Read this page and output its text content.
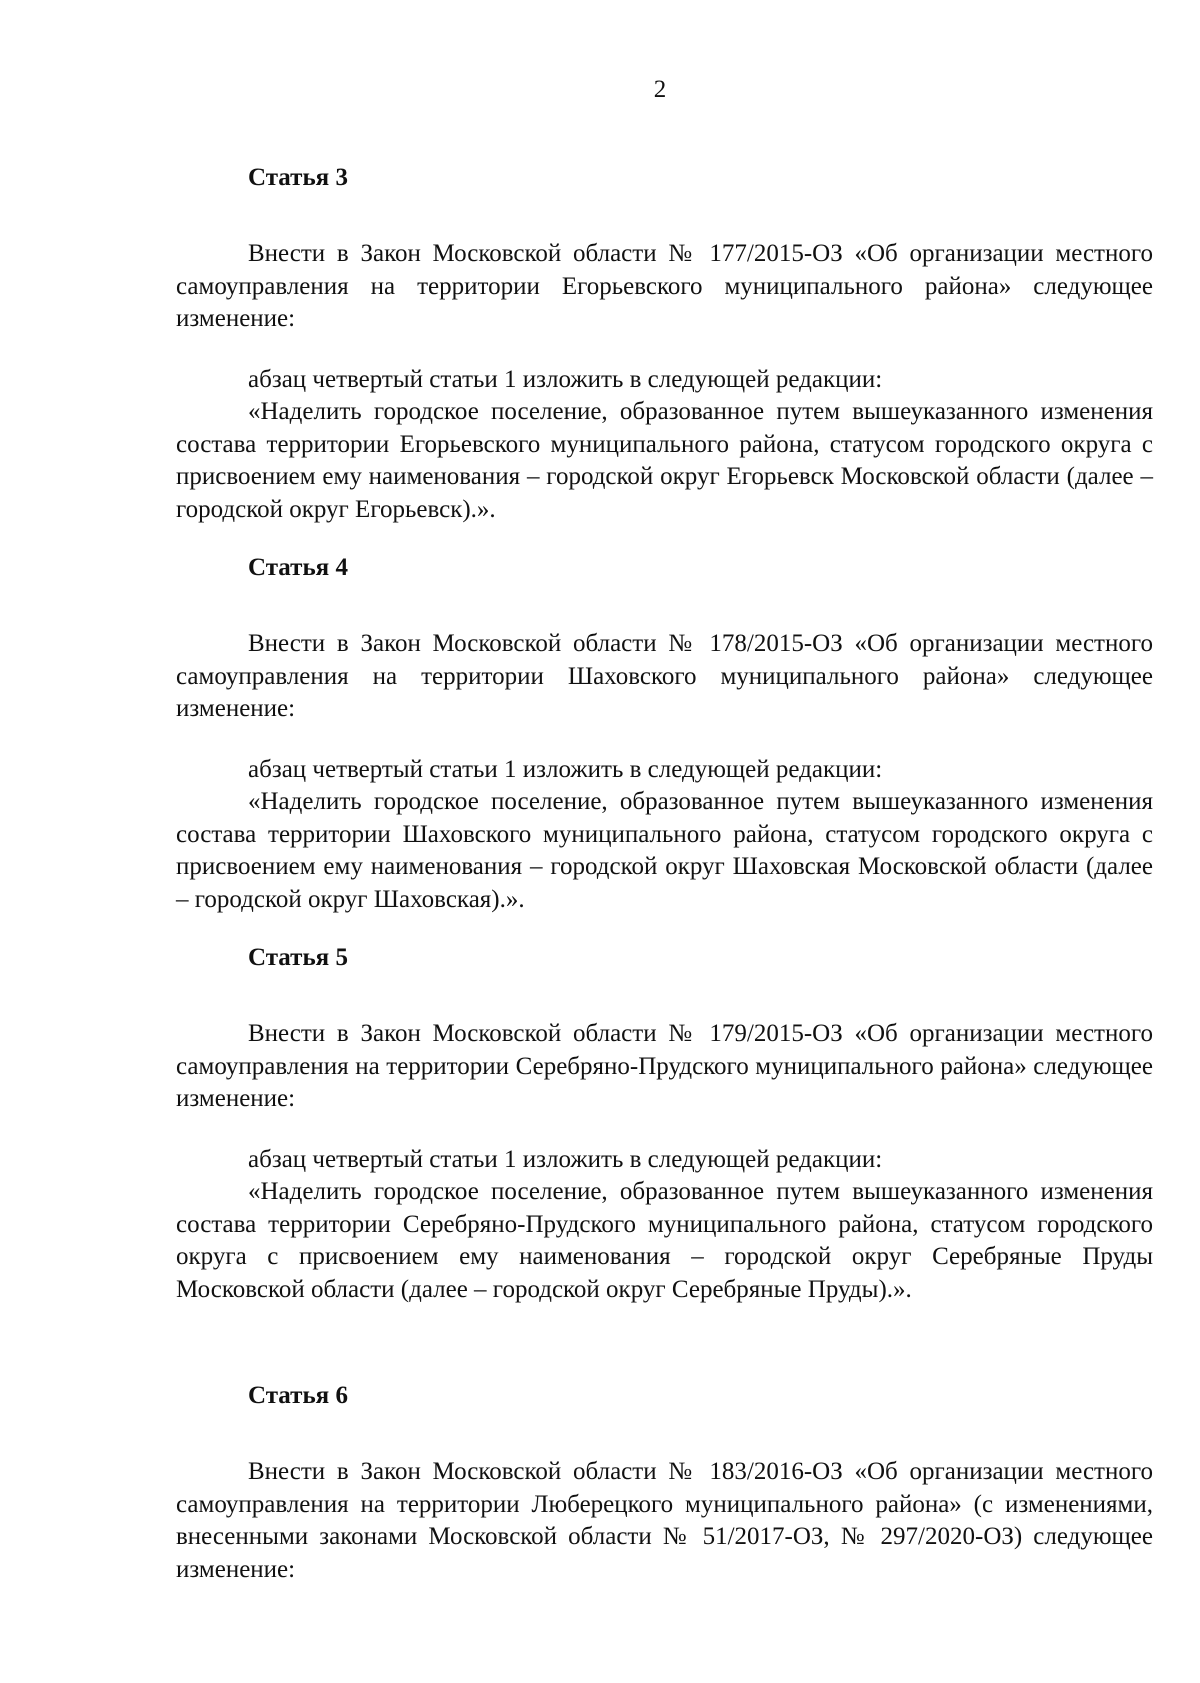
2

Статья 3

Внести в Закон Московской области № 177/2015-ОЗ «Об организации местного самоуправления на территории Егорьевского муниципального района» следующее изменение:

абзац четвертый статьи 1 изложить в следующей редакции:

«Наделить городское поселение, образованное путем вышеуказанного изменения состава территории Егорьевского муниципального района, статусом городского округа с присвоением ему наименования – городской округ Егорьевск Московской области (далее – городской округ Егорьевск).».

Статья 4

Внести в Закон Московской области № 178/2015-ОЗ «Об организации местного самоуправления на территории Шаховского муниципального района» следующее изменение:

абзац четвертый статьи 1 изложить в следующей редакции:

«Наделить городское поселение, образованное путем вышеуказанного изменения состава территории Шаховского муниципального района, статусом городского округа с присвоением ему наименования – городской округ Шаховская Московской области (далее – городской округ Шаховская).».

Статья 5

Внести в Закон Московской области № 179/2015-ОЗ «Об организации местного самоуправления на территории Серебряно-Прудского муниципального района» следующее изменение:

абзац четвертый статьи 1 изложить в следующей редакции:

«Наделить городское поселение, образованное путем вышеуказанного изменения состава территории Серебряно-Прудского муниципального района, статусом городского округа с присвоением ему наименования – городской округ Серебряные Пруды Московской области (далее – городской округ Серебряные Пруды).».

Статья 6

Внести в Закон Московской области № 183/2016-ОЗ «Об организации местного самоуправления на территории Люберецкого муниципального района» (с изменениями, внесенными законами Московской области № 51/2017-ОЗ, № 297/2020-ОЗ) следующее изменение:
